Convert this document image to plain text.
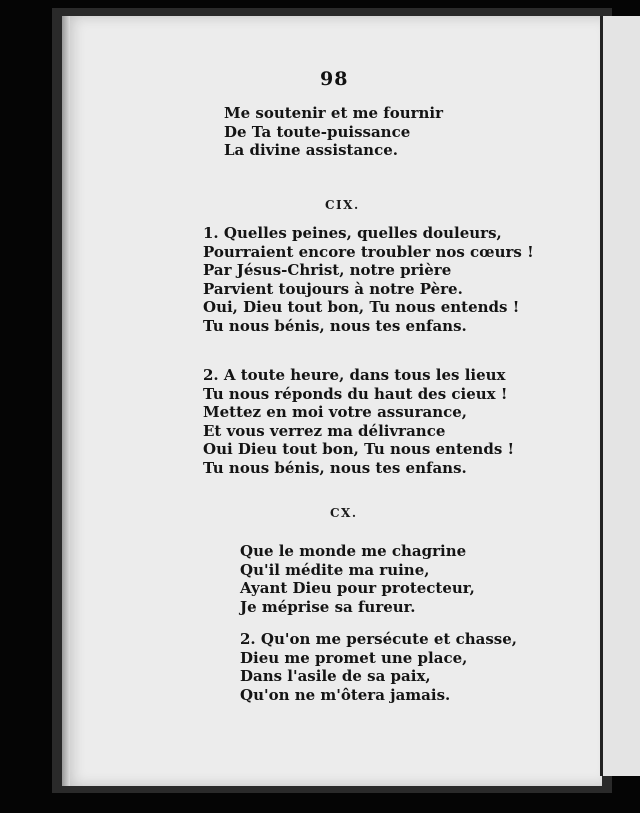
98
Me soutenir et me fournir
De Ta toute-puissance
La divine assistance.
CIX.
1. Quelles peines, quelles douleurs,
Pourraient encore troubler nos cœurs !
Par Jésus-Christ, notre prière
Parvient toujours à notre Père.
Oui, Dieu tout bon, Tu nous entends !
Tu nous bénis, nous tes enfans.
2. A toute heure, dans tous les lieux
Tu nous réponds du haut des cieux !
Mettez en moi votre assurance,
Et vous verrez ma délivrance
Oui Dieu tout bon, Tu nous entends !
Tu nous bénis, nous tes enfans.
CX.
Que le monde me chagrine
Qu'il médite ma ruine,
Ayant Dieu pour protecteur,
Je méprise sa fureur.
2. Qu'on me persécute et chasse,
Dieu me promet une place,
Dans l'asile de sa paix,
Qu'on ne m'ôtera jamais.
